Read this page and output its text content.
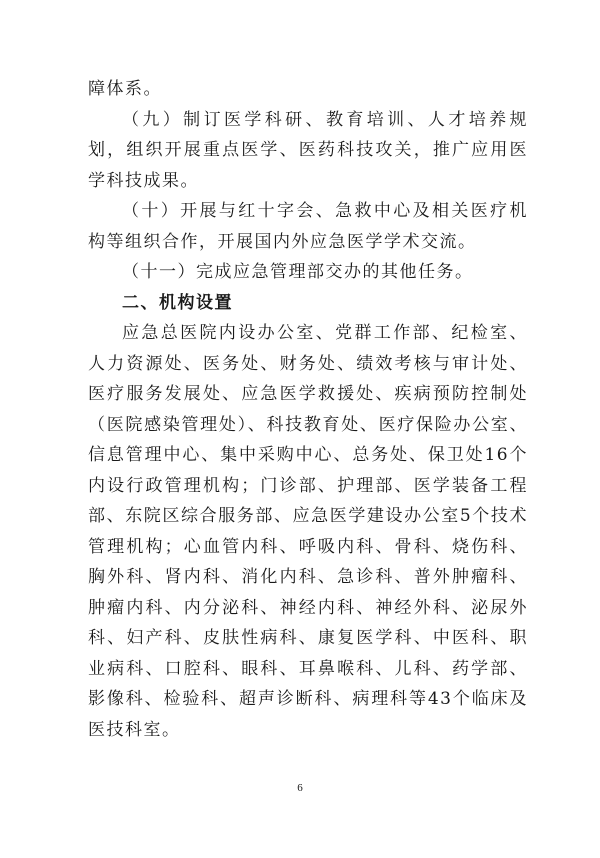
障体系。

（九）制订医学科研、教育培训、人才培养规划，组织开展重点医学、医药科技攻关，推广应用医学科技成果。

（十）开展与红十字会、急救中心及相关医疗机构等组织合作，开展国内外应急医学学术交流。

（十一）完成应急管理部交办的其他任务。

二、机构设置

应急总医院内设办公室、党群工作部、纪检室、人力资源处、医务处、财务处、绩效考核与审计处、医疗服务发展处、应急医学救援处、疾病预防控制处（医院感染管理处）、科技教育处、医疗保险办公室、信息管理中心、集中采购中心、总务处、保卫处16个内设行政管理机构；门诊部、护理部、医学装备工程部、东院区综合服务部、应急医学建设办公室5个技术管理机构；心血管内科、呼吸内科、骨科、烧伤科、胸外科、肾内科、消化内科、急诊科、普外肿瘤科、肿瘤内科、内分泌科、神经内科、神经外科、泌尿外科、妇产科、皮肤性病科、康复医学科、中医科、职业病科、口腔科、眼科、耳鼻喉科、儿科、药学部、影像科、检验科、超声诊断科、病理科等43个临床及医技科室。

6
